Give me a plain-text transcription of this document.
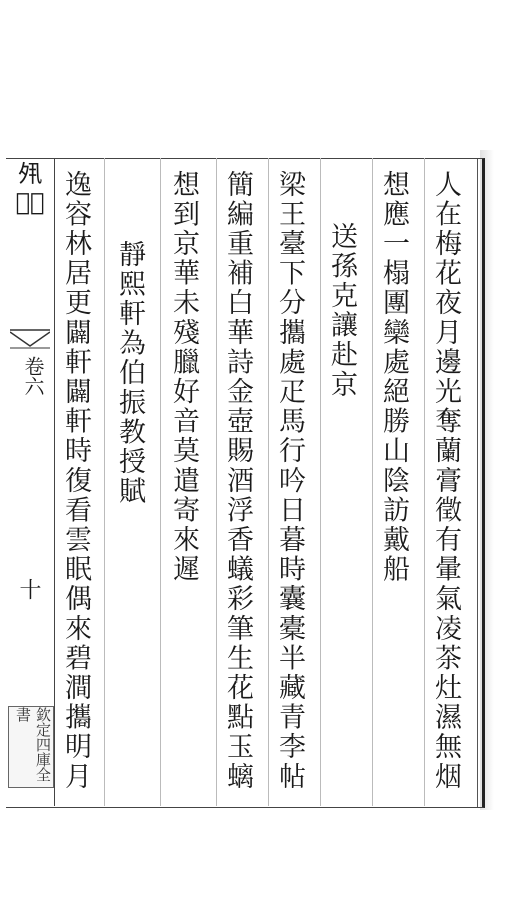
𡖊𧃉𧃉
卷六
十
欽定四庫全書	人在梅花夜月邊光奪蘭膏徵有暈氣凌茶灶濕無烟
想應一榻團欒處絕勝山陰訪戴船
送孫克讓赴京
梁王臺下分攜處疋馬行吟日暮時囊橐半藏青李帖
簡編重補白華詩金壺賜酒浮香蟻彩筆生花點玉螭
想到京華未殘臘好音莫遣寄來遲
靜熙軒為伯振教授賦
逸容林居更闢軒闢軒時復看雲眠偶來碧澗攜明月
